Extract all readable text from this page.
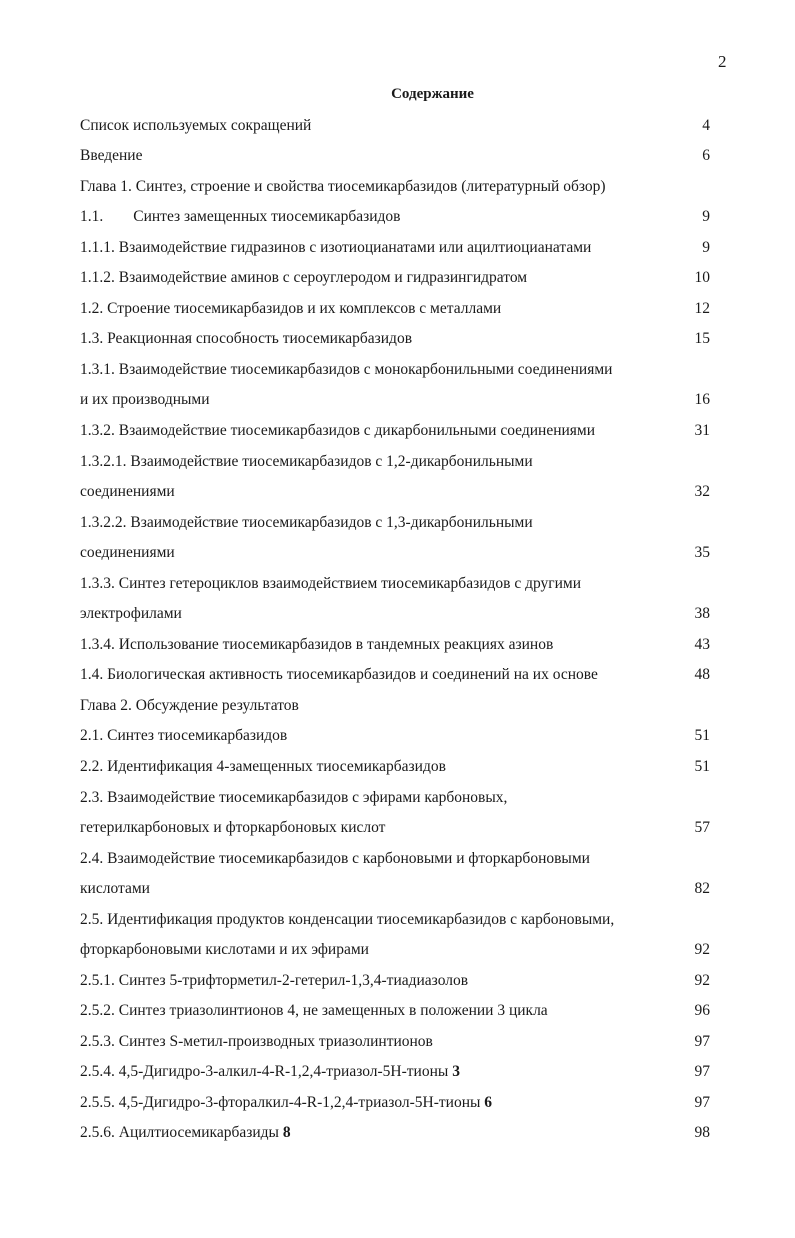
2
Содержание
Список используемых сокращений	4
Введение	6
Глава 1. Синтез, строение и свойства тиосемикарбазидов (литературный обзор)
1.1. Синтез замещенных тиосемикарбазидов	9
1.1.1. Взаимодействие гидразинов с изотиоцианатами или ацилтиоцианатами	9
1.1.2. Взаимодействие аминов с сероуглеродом и гидразингидратом	10
1.2. Строение тиосемикарбазидов и их комплексов с металлами	12
1.3. Реакционная способность тиосемикарбазидов	15
1.3.1. Взаимодействие тиосемикарбазидов с монокарбонильными соединениями
и их производными	16
1.3.2. Взаимодействие тиосемикарбазидов с дикарбонильными соединениями	31
1.3.2.1. Взаимодействие тиосемикарбазидов с 1,2-дикарбонильными
соединениями	32
1.3.2.2. Взаимодействие тиосемикарбазидов с 1,3-дикарбонильными
соединениями	35
1.3.3. Синтез гетероциклов взаимодействием тиосемикарбазидов с другими
электрофилами	38
1.3.4. Использование тиосемикарбазидов в тандемных реакциях азинов	43
1.4. Биологическая активность тиосемикарбазидов и соединений на их основе	48
Глава 2. Обсуждение результатов
2.1. Синтез тиосемикарбазидов	51
2.2. Идентификация 4-замещенных тиосемикарбазидов	51
2.3. Взаимодействие тиосемикарбазидов с эфирами карбоновых,
гетерилкарбоновых и фторкарбоновых кислот	57
2.4. Взаимодействие тиосемикарбазидов с карбоновыми и фторкарбоновыми
кислотами	82
2.5. Идентификация продуктов конденсации тиосемикарбазидов с карбоновыми,
фторкарбоновыми кислотами и их эфирами	92
2.5.1. Синтез 5-трифторметил-2-гетерил-1,3,4-тиадиазолов	92
2.5.2. Синтез триазолинтионов 4, не замещенных в положении 3 цикла	96
2.5.3. Синтез S-метил-производных триазолинтионов	97
2.5.4. 4,5-Дигидро-3-алкил-4-R-1,2,4-триазол-5Н-тионы 3	97
2.5.5. 4,5-Дигидро-3-фторалкил-4-R-1,2,4-триазол-5Н-тионы 6	97
2.5.6. Ацилтиосемикарбазиды 8	98
